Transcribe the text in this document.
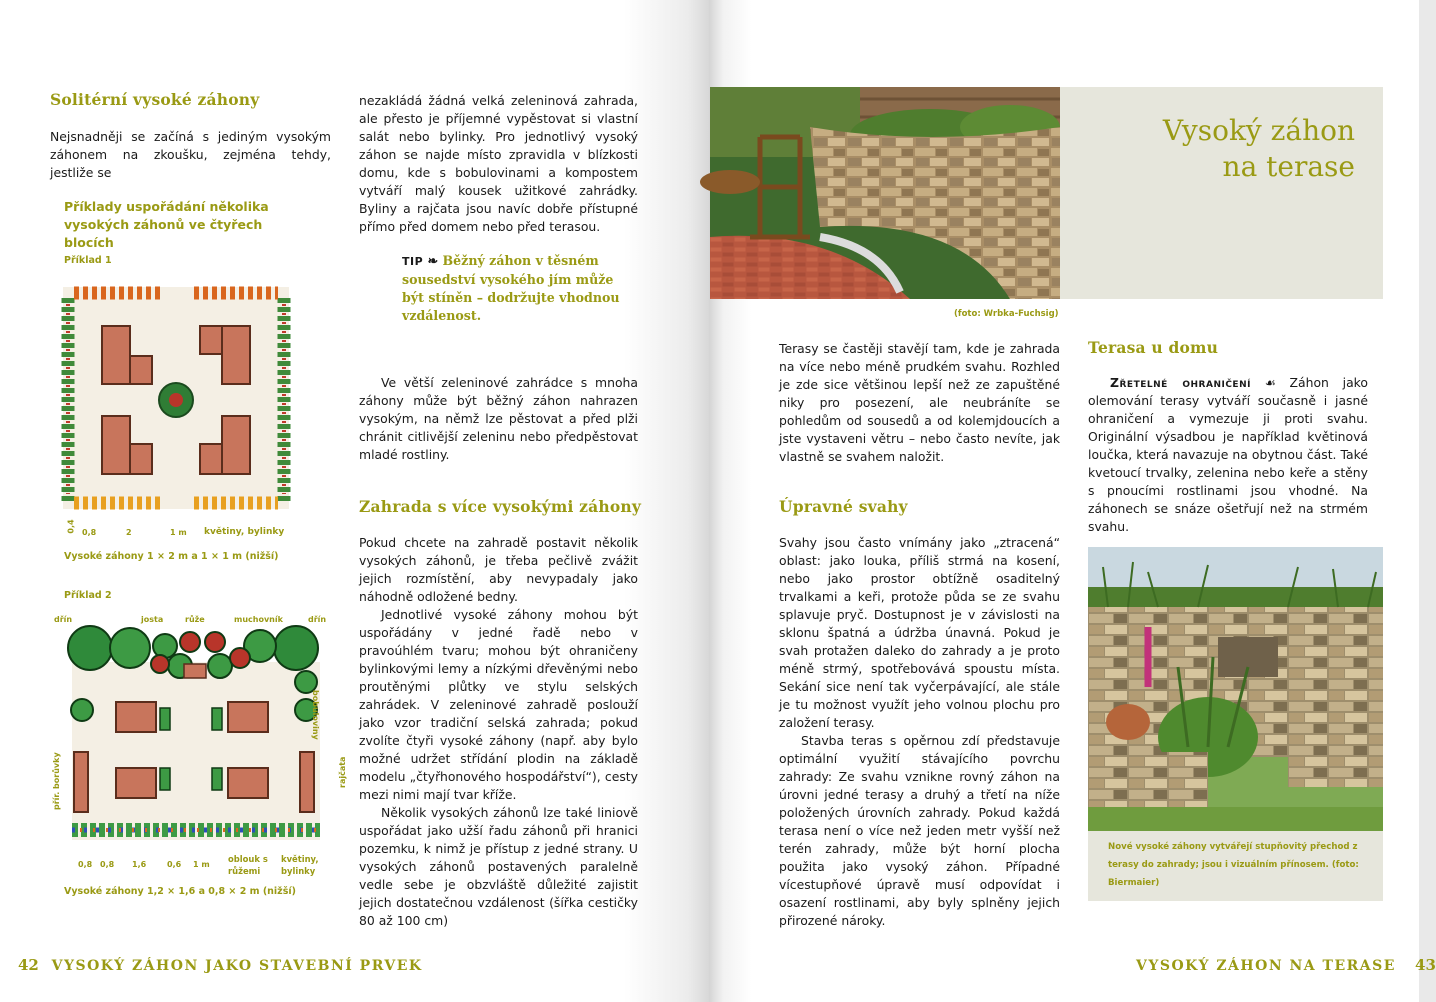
Solitérní vysoké záhony

Nejsnadněji se začíná s jediným vysokým záhonem na zkoušku, zejména tehdy, jestliže se

Příklady uspořádání několika vysokých záhonů ve čtyřech blocích
Příklad 1
0,4 0,8	2	1 m květiny, bylinky
Vysoké záhony 1 × 2 m a 1 × 1 m (nižší)
Příklad 2
dřín	josta	růže	muchovník	dřín
bobuloviny
přír. borůvky	rajčata
0,8 0,8 1,6	0,6 1 m
oblouk s růžemi
květiny, bylinky
Vysoké záhony 1,2 × 1,6 a 0,8 × 2 m (nižší)

nezakládá žádná velká zeleninová zahrada, ale přesto je příjemné vypěstovat si vlastní salát nebo bylinky. Pro jednotlivý vysoký záhon se najde místo zpravidla v blízkosti domu, kde s bobulovinami a kompostem vytváří malý kousek užitkové zahrádky. Byliny a rajčata jsou navíc dobře přístupné přímo před domem nebo před terasou.

TIP ❧ Běžný záhon v těsném sousedství vysokého jím může být stíněn – dodržujte vhodnou vzdálenost.

Ve větší zeleninové zahrádce s mnoha záhony může být běžný záhon nahrazen vysokým, na němž lze pěstovat a před plži chránit citlivější zeleninu nebo předpěstovat mladé rostliny.

Zahrada s více vysokými záhony

Pokud chcete na zahradě postavit několik vysokých záhonů, je třeba pečlivě zvážit jejich rozmístění, aby nevypadaly jako náhodně odložené bedny.

Jednotlivé vysoké záhony mohou být uspořádány v jedné řadě nebo v pravoúhlém tvaru; mohou být ohraničeny bylinkovými lemy a nízkými dřevěnými nebo proutěnými plůtky ve stylu selských zahrádek. V zeleninové zahradě poslouží jako vzor tradiční selská zahrada; pokud zvolíte čtyři vysoké záhony (např. aby bylo možné udržet střídání plodin na základě modelu „čtyřhonového hospodářství“), cesty mezi nimi mají tvar kříže.

Několik vysokých záhonů lze také liniově uspořádat jako užší řadu záhonů při hranici pozemku, k nimž je přístup z jedné strany. U vysokých záhonů postavených paralelně vedle sebe je obzvláště důležité zajistit jejich dostatečnou vzdálenost (šířka cestičky 80 až 100 cm)

42 VYSOKÝ ZÁHON JAKO STAVEBNÍ PRVEK
Vysoký záhon
na terase
(foto: Wrbka-Fuchsig)

Terasy se častěji stavějí tam, kde je zahrada na více nebo méně prudkém svahu. Rozhled je zde sice většinou lepší než ze zapuštěné niky pro posezení, ale neubráníte se pohledům od sousedů a od kolemjdoucích a jste vystaveni větru – nebo často nevíte, jak vlastně se svahem naložit.

Úpravné svahy

Svahy jsou často vnímány jako „ztracená“ oblast: jako louka, příliš strmá na kosení, nebo jako prostor obtížně osaditelný trvalkami a keři, protože půda se ze svahu splavuje pryč. Dostupnost je v závislosti na sklonu špatná a údržba únavná. Pokud je svah protažen daleko do zahrady a je proto méně strmý, spotřebovává spoustu místa. Sekání sice není tak vyčerpávající, ale stále je tu možnost využít jeho volnou plochu pro založení terasy.

Stavba teras s opěrnou zdí představuje optimální využití stávajícího povrchu zahrady: Ze svahu vznikne rovný záhon na úrovni jedné terasy a druhý a třetí na níže položených úrovních zahrady. Pokud každá terasa není o více než jeden metr vyšší než terén zahrady, může být horní plocha použita jako vysoký záhon. Případné vícestupňové úpravě musí odpovídat i osazení rostlinami, aby byly splněny jejich přirozené nároky.

Terasa u domu

Zřetelné ohraničení ☙ Záhon jako olemování terasy vytváří současně i jasné ohraničení a vymezuje ji proti svahu. Originální výsadbou je například květinová loučka, která navazuje na obytnou část. Také kvetoucí trvalky, zelenina nebo keře a stěny s pnoucími rostlinami jsou vhodné. Na záhonech se snáze ošetřují než na strmém svahu.

Nové vysoké záhony vytvářejí stupňovitý přechod z terasy do zahrady; jsou i vizuálním přínosem. (foto: Biermaier)
VYSOKÝ ZÁHON NA TERASE 43
